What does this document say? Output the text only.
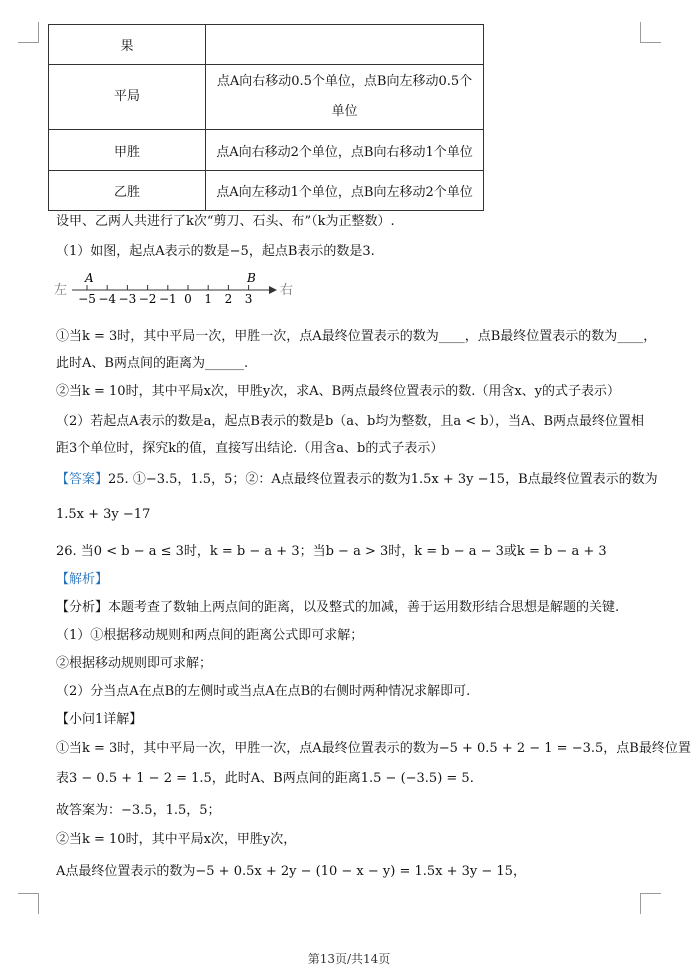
果	
平局	点A向右移动0.5个单位，点B向左移动0.5个
单位

甲胜	点A向右移动2个单位，点B向右移动1个单位
乙胜	点A向左移动1个单位，点B向左移动2个单位
设甲、乙两人共进行了k次“剪刀、石头、布”（k为正整数）.
（1）如图，起点A表示的数是−5，起点B表示的数是3.
左	右
A	B
−5 −4 −3 −2 −1 0 1 2 3
①当k = 3时，其中平局一次，甲胜一次，点A最终位置表示的数为____，点B最终位置表示的数为____，
此时A、B两点间的距离为______.
②当k = 10时，其中平局x次，甲胜y次，求A、B两点最终位置表示的数.（用含x、y的式子表示）
（2）若起点A表示的数是a，起点B表示的数是b（a、b均为整数，且a < b），当A、B两点最终位置相
距3个单位时，探究k的值，直接写出结论.（用含a、b的式子表示）
【答案】25. ①−3.5，1.5，5；②：A点最终位置表示的数为1.5x + 3y −15，B点最终位置表示的数为
1.5x + 3y −17
26. 当0 < b − a ≤ 3时，k = b − a + 3；当b − a > 3时，k = b − a − 3或k = b − a + 3
【解析】
【分析】本题考查了数轴上两点间的距离，以及整式的加减，善于运用数形结合思想是解题的关键.
（1）①根据移动规则和两点间的距离公式即可求解；
②根据移动规则即可求解；
（2）分当点A在点B的左侧时或当点A在点B的右侧时两种情况求解即可.
【小问1详解】
①当k = 3时，其中平局一次，甲胜一次，点A最终位置表示的数为−5 + 0.5 + 2 − 1 = −3.5，点B最终位置
表3 − 0.5 + 1 − 2 = 1.5，此时A、B两点间的距离1.5 − (−3.5) = 5.
故答案为：−3.5，1.5，5；
②当k = 10时，其中平局x次，甲胜y次，
A点最终位置表示的数为−5 + 0.5x + 2y − (10 − x − y) = 1.5x + 3y − 15，
第13页/共14页
